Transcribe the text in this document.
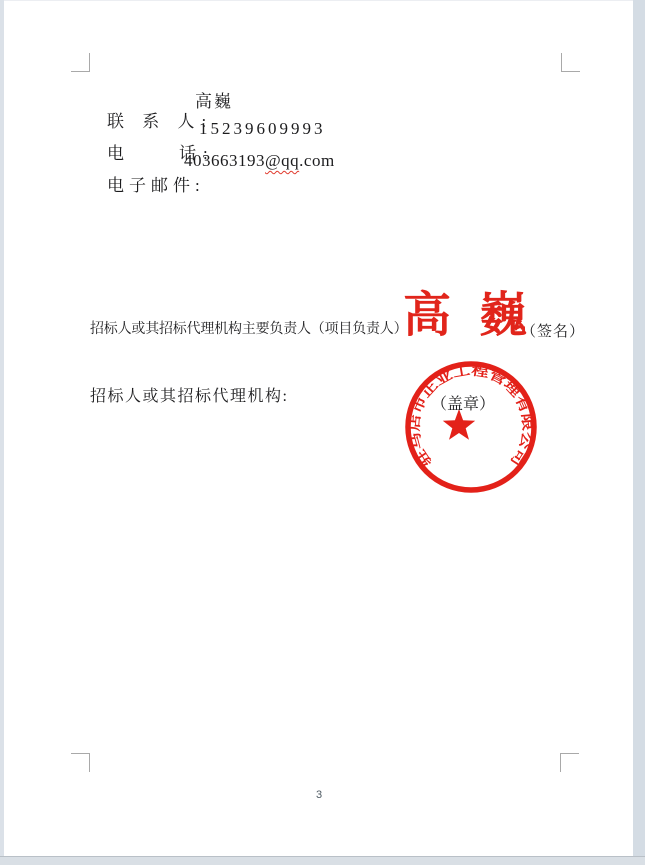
联 系 人:

高巍

电　　话:

15239609993

电子邮件:

403663193@qq.com
招标人或其招标代理机构主要负责人（项目负责人）:
高 巍
（签名）
招标人或其招标代理机构:	（盖章）
驻马店市正业工程管理有限公司
3
